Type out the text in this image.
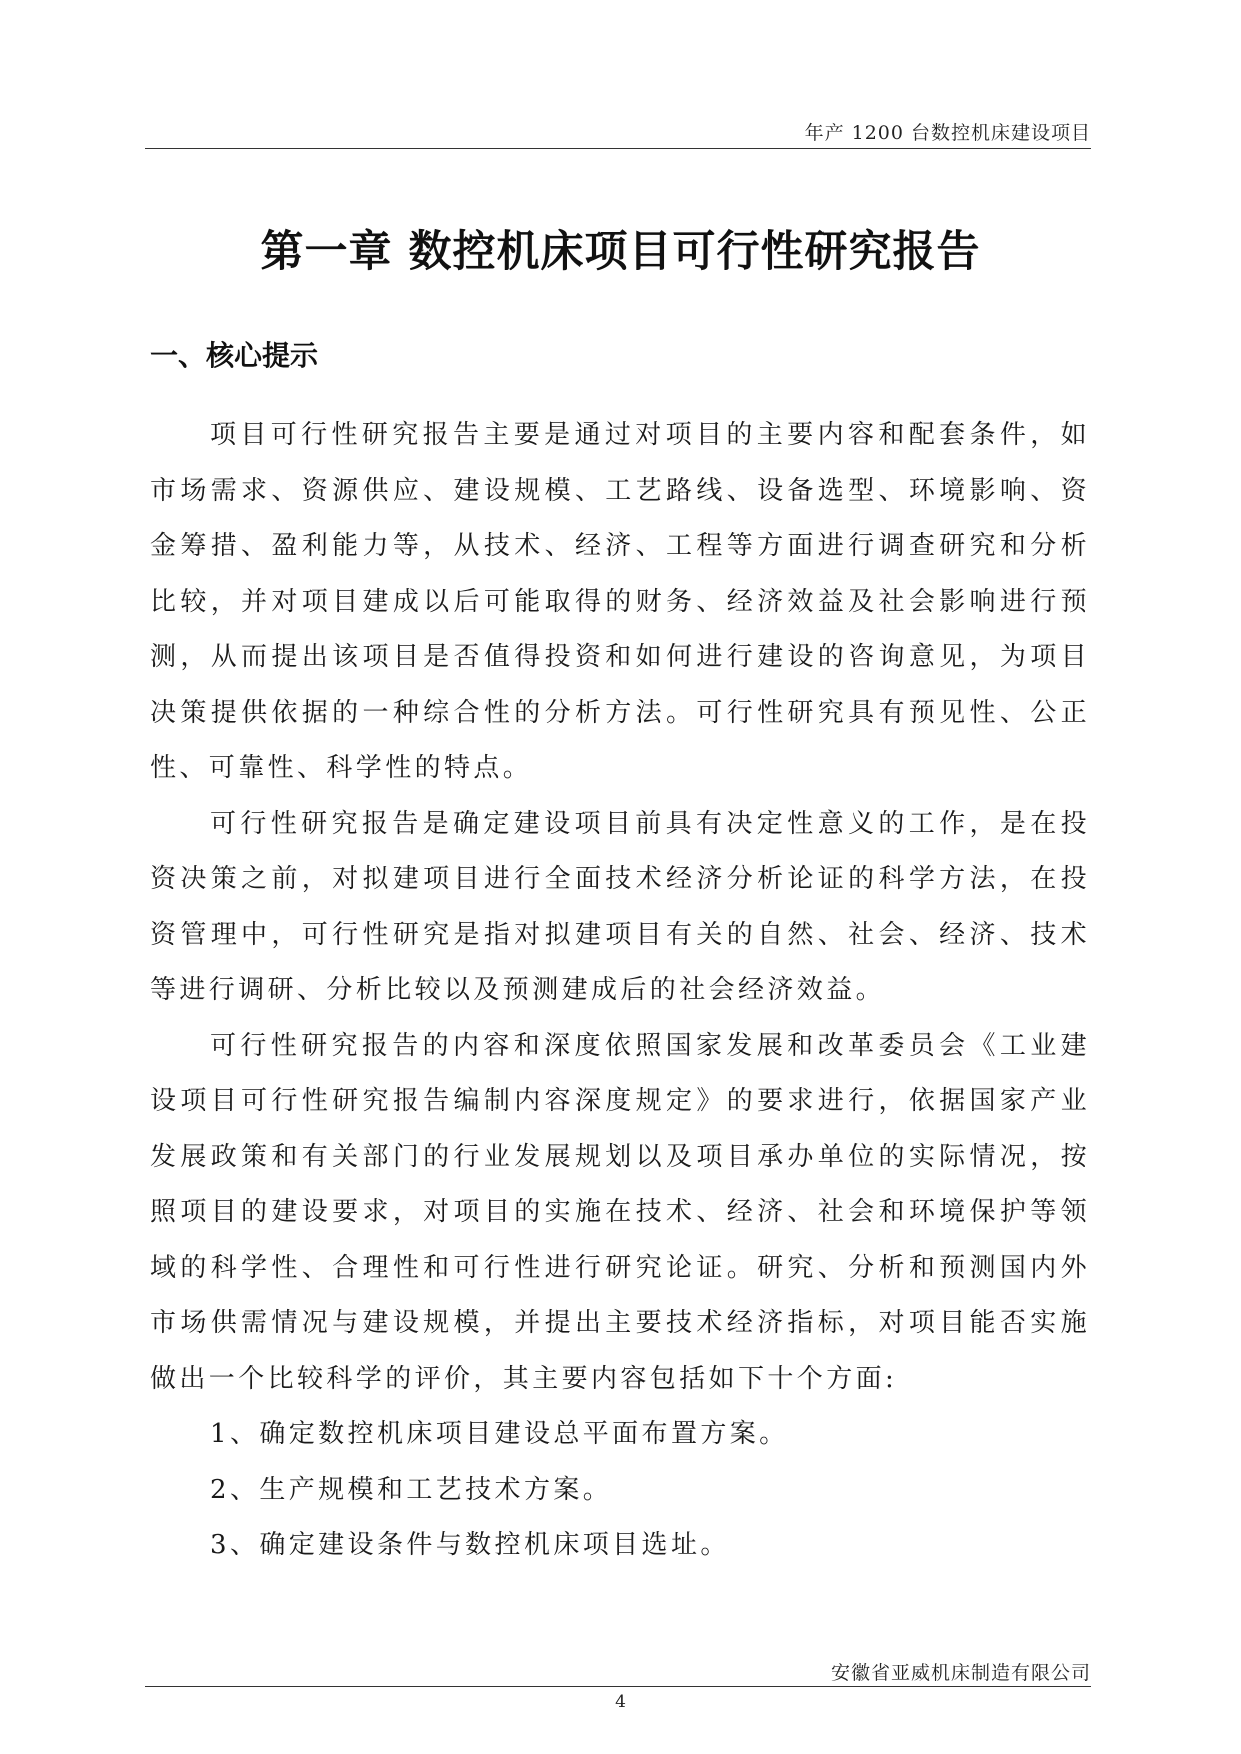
年产 1200 台数控机床建设项目
第一章 数控机床项目可行性研究报告
一、核心提示

项目可行性研究报告主要是通过对项目的主要内容和配套条件，如市场需求、资源供应、建设规模、工艺路线、设备选型、环境影响、资金筹措、盈利能力等，从技术、经济、工程等方面进行调查研究和分析比较，并对项目建成以后可能取得的财务、经济效益及社会影响进行预测，从而提出该项目是否值得投资和如何进行建设的咨询意见，为项目决策提供依据的一种综合性的分析方法。可行性研究具有预见性、公正性、可靠性、科学性的特点。

可行性研究报告是确定建设项目前具有决定性意义的工作，是在投资决策之前，对拟建项目进行全面技术经济分析论证的科学方法，在投资管理中，可行性研究是指对拟建项目有关的自然、社会、经济、技术等进行调研、分析比较以及预测建成后的社会经济效益。

可行性研究报告的内容和深度依照国家发展和改革委员会《工业建设项目可行性研究报告编制内容深度规定》的要求进行，依据国家产业发展政策和有关部门的行业发展规划以及项目承办单位的实际情况，按照项目的建设要求，对项目的实施在技术、经济、社会和环境保护等领域的科学性、合理性和可行性进行研究论证。研究、分析和预测国内外市场供需情况与建设规模，并提出主要技术经济指标，对项目能否实施做出一个比较科学的评价，其主要内容包括如下十个方面:

1、确定数控机床项目建设总平面布置方案。

2、生产规模和工艺技术方案。

3、确定建设条件与数控机床项目选址。

安徽省亚威机床制造有限公司
4
